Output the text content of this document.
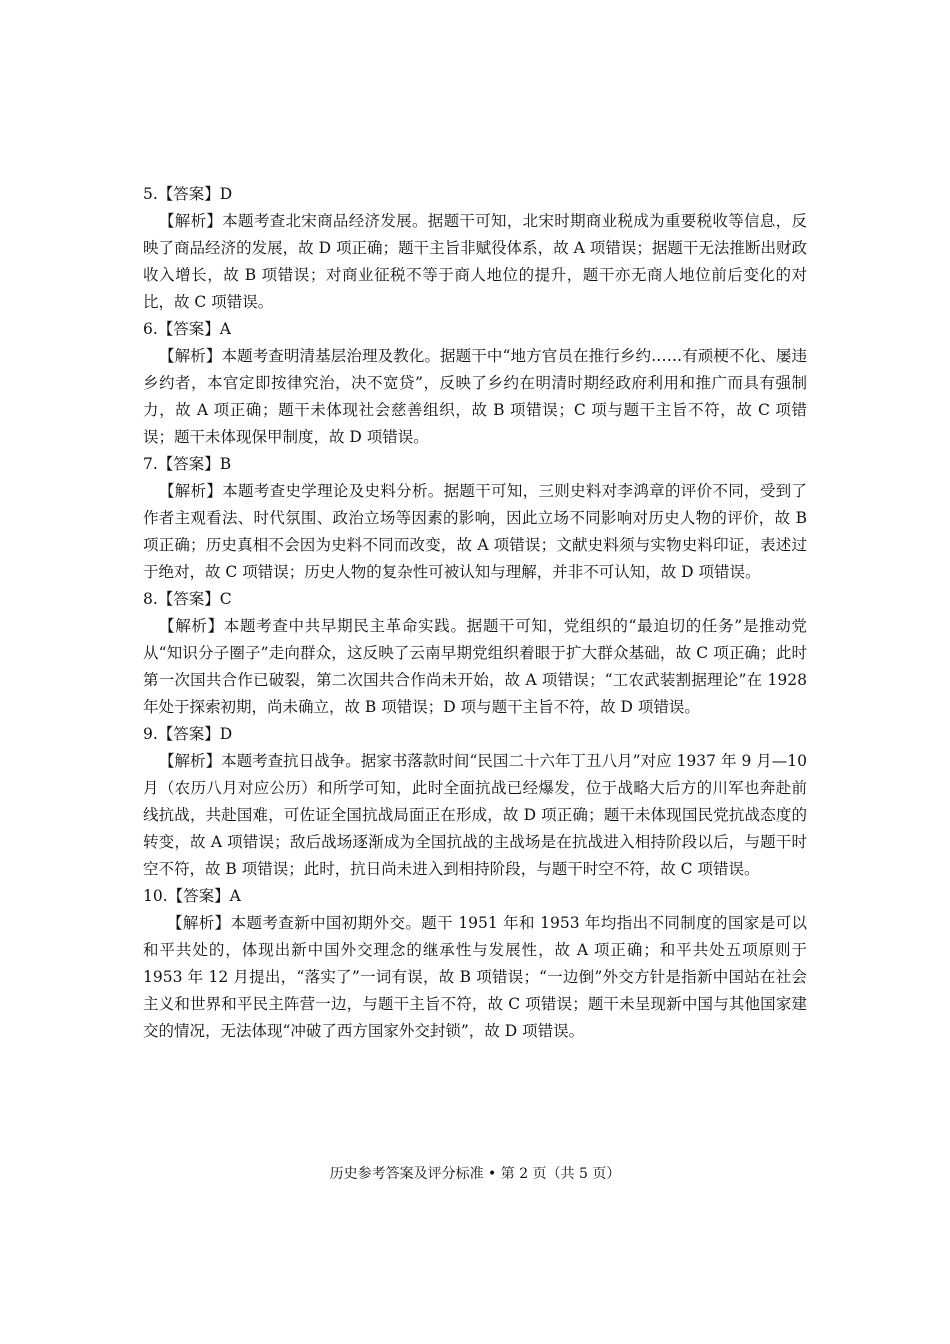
5.【答案】D
【解析】本题考查北宋商品经济发展。据题干可知，北宋时期商业税成为重要税收等信息，反映了商品经济的发展，故 D 项正确；题干主旨非赋役体系，故 A 项错误；据题干无法推断出财政收入增长，故 B 项错误；对商业征税不等于商人地位的提升，题干亦无商人地位前后变化的对比，故 C 项错误。
6.【答案】A
【解析】本题考查明清基层治理及教化。据题干中“地方官员在推行乡约……有顽梗不化、屡违乡约者，本官定即按律究治，决不宽贷”，反映了乡约在明清时期经政府利用和推广而具有强制力，故 A 项正确；题干未体现社会慈善组织，故 B 项错误；C 项与题干主旨不符，故 C 项错误；题干未体现保甲制度，故 D 项错误。
7.【答案】B
【解析】本题考查史学理论及史料分析。据题干可知，三则史料对李鸿章的评价不同，受到了作者主观看法、时代氛围、政治立场等因素的影响，因此立场不同影响对历史人物的评价，故 B 项正确；历史真相不会因为史料不同而改变，故 A 项错误；文献史料须与实物史料印证，表述过于绝对，故 C 项错误；历史人物的复杂性可被认知与理解，并非不可认知，故 D 项错误。
8.【答案】C
【解析】本题考查中共早期民主革命实践。据题干可知，党组织的“最迫切的任务”是推动党从“知识分子圈子”走向群众，这反映了云南早期党组织着眼于扩大群众基础，故 C 项正确；此时第一次国共合作已破裂，第二次国共合作尚未开始，故 A 项错误；“工农武装割据理论”在 1928 年处于探索初期，尚未确立，故 B 项错误；D 项与题干主旨不符，故 D 项错误。
9.【答案】D
【解析】本题考查抗日战争。据家书落款时间“民国二十六年丁丑八月”对应 1937 年 9 月—10 月（农历八月对应公历）和所学可知，此时全面抗战已经爆发，位于战略大后方的川军也奔赴前线抗战，共赴国难，可佐证全国抗战局面正在形成，故 D 项正确；题干未体现国民党抗战态度的转变，故 A 项错误；敌后战场逐渐成为全国抗战的主战场是在抗战进入相持阶段以后，与题干时空不符，故 B 项错误；此时，抗日尚未进入到相持阶段，与题干时空不符，故 C 项错误。
10.【答案】A
【解析】本题考查新中国初期外交。题干 1951 年和 1953 年均指出不同制度的国家是可以和平共处的，体现出新中国外交理念的继承性与发展性，故 A 项正确；和平共处五项原则于 1953 年 12 月提出，“落实了”一词有误，故 B 项错误；“一边倒”外交方针是指新中国站在社会主义和世界和平民主阵营一边，与题干主旨不符，故 C 项错误；题干未呈现新中国与其他国家建交的情况，无法体现“冲破了西方国家外交封锁”，故 D 项错误。
历史参考答案及评分标准 • 第 2 页（共 5 页）
